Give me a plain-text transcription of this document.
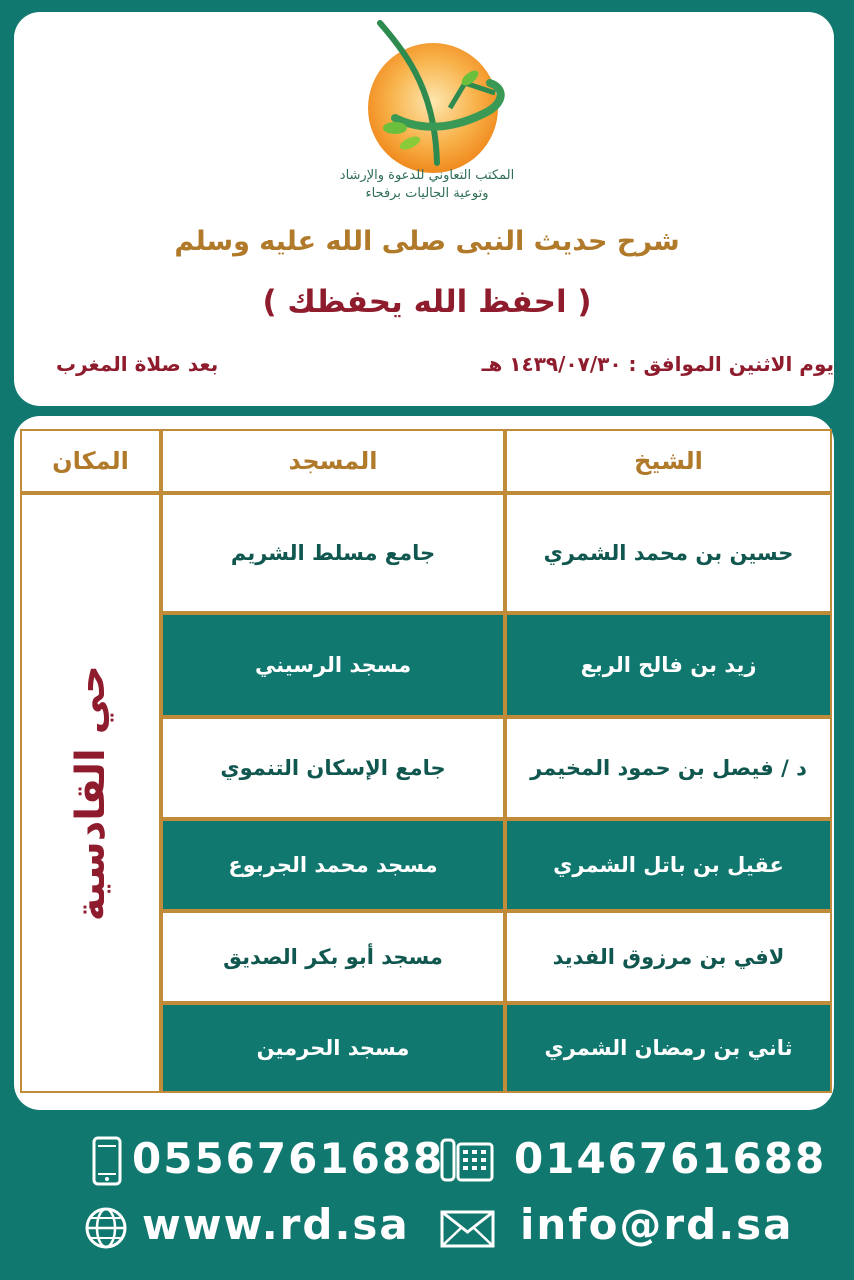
المكتب التعاوني للدعوة والإرشاد
وتوعية الجاليات برفحاء
شرح حديث النبى صلى الله عليه وسلم
( احفظ الله يحفظك )
يوم الاثنين الموافق : ١٤٣٩/٠٧/٣٠ هـ
بعد صلاة المغرب
الشيخ
المسجد
المكان
حي القادسية
حسين بن محمد الشمري
جامع مسلط الشريم
زيد بن فالح الربع
مسجد الرسيني
د / فيصل بن حمود المخيمر
جامع الإسكان التنموي
عقيل بن باتل الشمري
مسجد محمد الجربوع
لافي بن مرزوق الفديد
مسجد أبو بكر الصديق
ثاني بن رمضان الشمري
مسجد الحرمين
0556761688 0146761688
www.rd.sa	info@rd.sa
